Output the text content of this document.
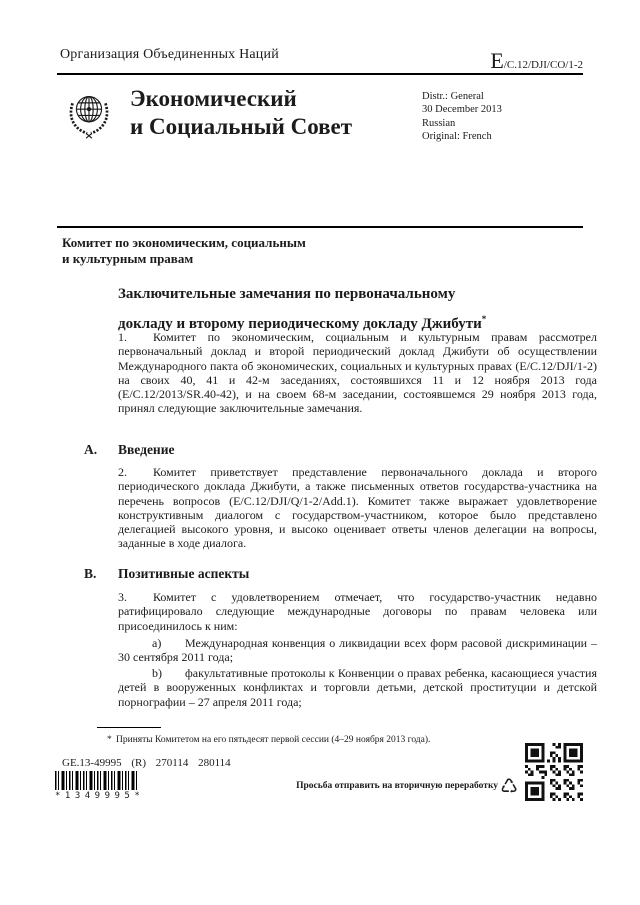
Организация Объединенных Наций	E/C.12/DJI/CO/1-2
Экономический
и Социальный Совет
Distr.: General
30 December 2013
Russian
Original: French
Комитет по экономическим, социальным
и культурным правам
Заключительные замечания по первоначальному
докладу и второму периодическому докладу Джибути*
1. Комитет по экономическим, социальным и культурным правам рассмотрел первоначальный доклад и второй периодический доклад Джибути об осуществлении Международного пакта об экономических, социальных и культурных правах (E/C.12/DJI/1-2) на своих 40, 41 и 42-м заседаниях, состоявшихся 11 и 12 ноября 2013 года (E/C.12/2013/SR.40-42), и на своем 68-м заседании, состоявшемся 29 ноября 2013 года, принял следующие заключительные замечания.
A. Введение
2. Комитет приветствует представление первоначального доклада и второго периодического доклада Джибути, а также письменных ответов государства-участника на перечень вопросов (E/C.12/DJI/Q/1-2/Add.1). Комитет также выражает удовлетворение конструктивным диалогом с государством-участником, которое было представлено делегацией высокого уровня, и высоко оценивает ответы членов делегации на вопросы, заданные в ходе диалога.
B. Позитивные аспекты
3. Комитет с удовлетворением отмечает, что государство-участник недавно ратифицировало следующие международные договоры по правам человека или присоединилось к ним:
a) Международная конвенция о ликвидации всех форм расовой дискриминации – 30 сентября 2011 года;
b) факультативные протоколы к Конвенции о правах ребенка, касающиеся участия детей в вооруженных конфликтах и торговли детьми, детской проституции и детской порнографии – 27 апреля 2011 года;
* Приняты Комитетом на его пятьдесят первой сессии (4–29 ноября 2013 года).
GE.13-49995 (R) 270114 280114
*1349995*
Просьба отправить на вторичную переработку ♺
